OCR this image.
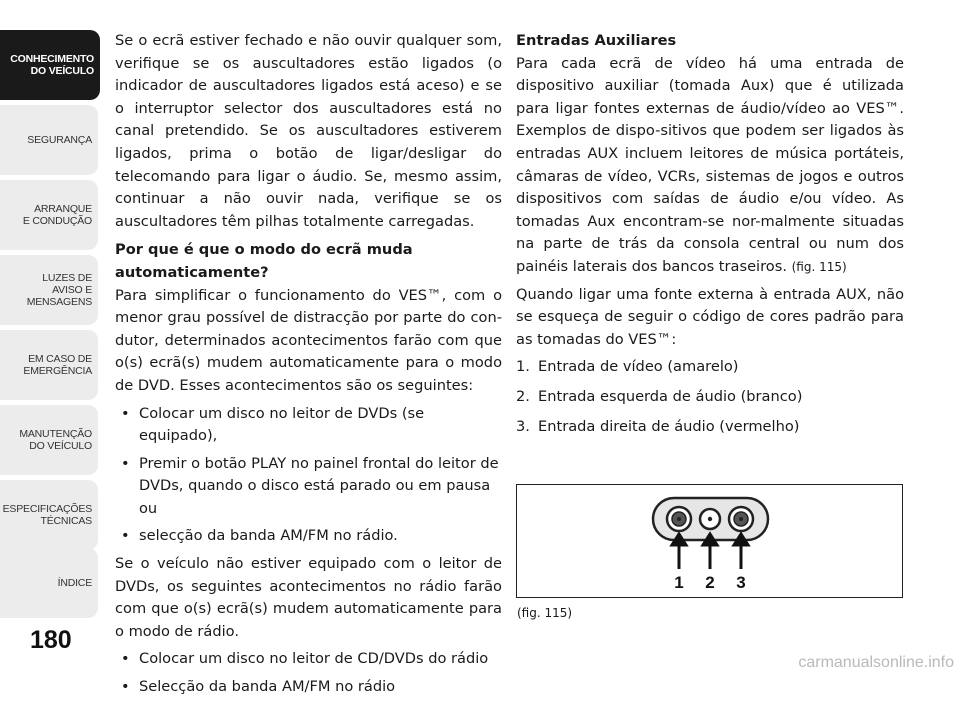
CONHECIMENTO
DO VEÍCULO
SEGURANÇA
ARRANQUE
E CONDUÇÃO
LUZES DE
AVISO E
MENSAGENS
EM CASO DE
EMERGÊNCIA
MANUTENÇÃO
DO VEÍCULO
ESPECIFICAÇÕES
TÉCNICAS
ÍNDICE
180

Se o ecrã estiver fechado e não ouvir qualquer som, verifique se os auscultadores estão ligados (o indicador de auscultadores ligados está aceso) e se o interruptor selector dos auscultadores está no canal pretendido. Se os auscultadores estiverem ligados, prima o botão de ligar/desligar do telecomando para ligar o áudio. Se, mesmo assim, continuar a não ouvir nada, verifique se os auscultadores têm pilhas totalmente carregadas.

Por que é que o modo do ecrã muda automaticamente?

Para simplificar o funcionamento do VES™, com o menor grau possível de distracção por parte do con-dutor, determinados acontecimentos farão com que o(s) ecrã(s) mudem automaticamente para o modo de DVD. Esses acontecimentos são os seguintes:

• Colocar um disco no leitor de DVDs (se equipado),
• Premir o botão PLAY no painel frontal do leitor de DVDs, quando o disco está parado ou em pausa ou
• selecção da banda AM/FM no rádio.

Se o veículo não estiver equipado com o leitor de DVDs, os seguintes acontecimentos no rádio farão com que o(s) ecrã(s) mudem automaticamente para o modo de rádio.

• Colocar um disco no leitor de CD/DVDs do rádio
• Selecção da banda AM/FM no rádio
Entradas Auxiliares

Para cada ecrã de vídeo há uma entrada de dispositivo auxiliar (tomada Aux) que é utilizada para ligar fontes externas de áudio/vídeo ao VES™. Exemplos de dispo-sitivos que podem ser ligados às entradas AUX incluem leitores de música portáteis, câmaras de vídeo, VCRs, sistemas de jogos e outros dispositivos com saídas de áudio e/ou vídeo. As tomadas Aux encontram-se nor-malmente situadas na parte de trás da consola central ou num dos painéis laterais dos bancos traseiros. (fig. 115)

Quando ligar uma fonte externa à entrada AUX, não se esqueça de seguir o código de cores padrão para as tomadas do VES™:

1. Entrada de vídeo (amarelo)
2. Entrada esquerda de áudio (branco)
3. Entrada direita de áudio (vermelho)
1 2 3
(fig. 115)
carmanualsonline.info
